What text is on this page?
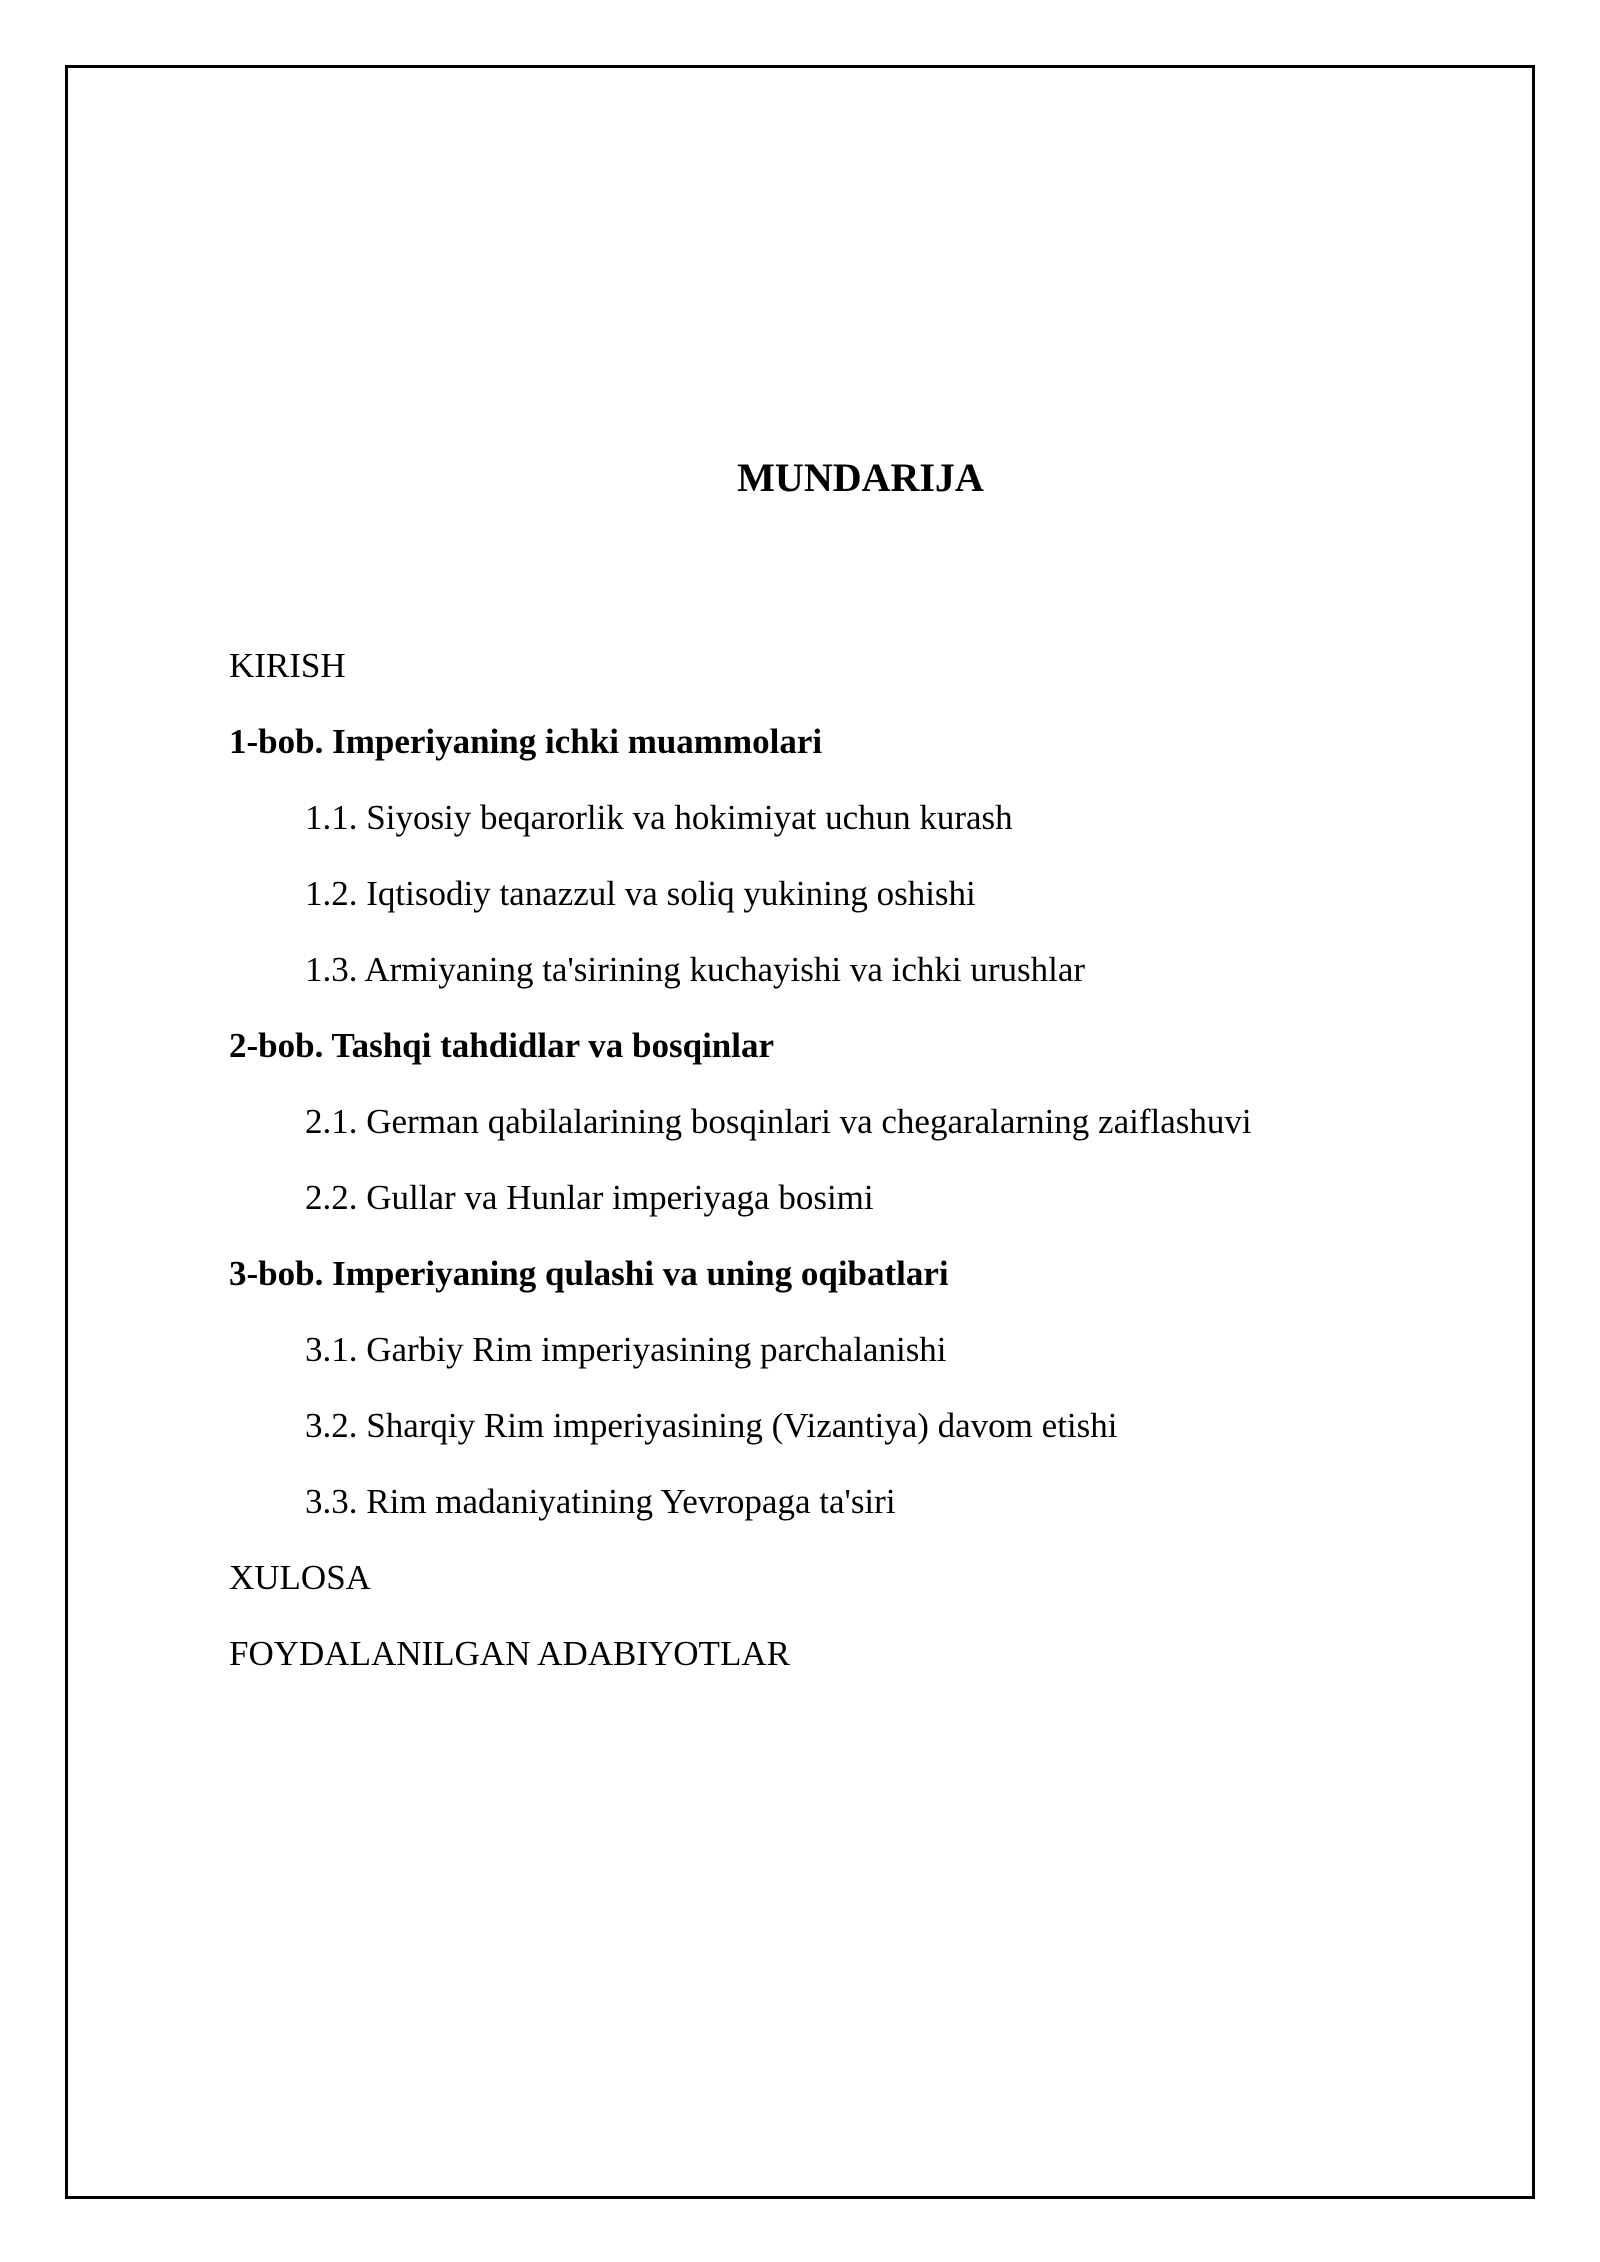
MUNDARIJA
KIRISH
1-bob. Imperiyaning ichki muammolari
1.1. Siyosiy beqarorlik va hokimiyat uchun kurash
1.2. Iqtisodiy tanazzul va soliq yukining oshishi
1.3. Armiyaning ta'sirining kuchayishi va ichki urushlar
2-bob. Tashqi tahdidlar va bosqinlar
2.1. German qabilalarining bosqinlari va chegaralarning zaiflashuvi
2.2. Gullar va Hunlar imperiyaga bosimi
3-bob. Imperiyaning qulashi va uning oqibatlari
3.1. Garbiy Rim imperiyasining parchalanishi
3.2. Sharqiy Rim imperiyasining (Vizantiya) davom etishi
3.3. Rim madaniyatining Yevropaga ta'siri
XULOSA
FOYDALANILGAN ADABIYOTLAR
